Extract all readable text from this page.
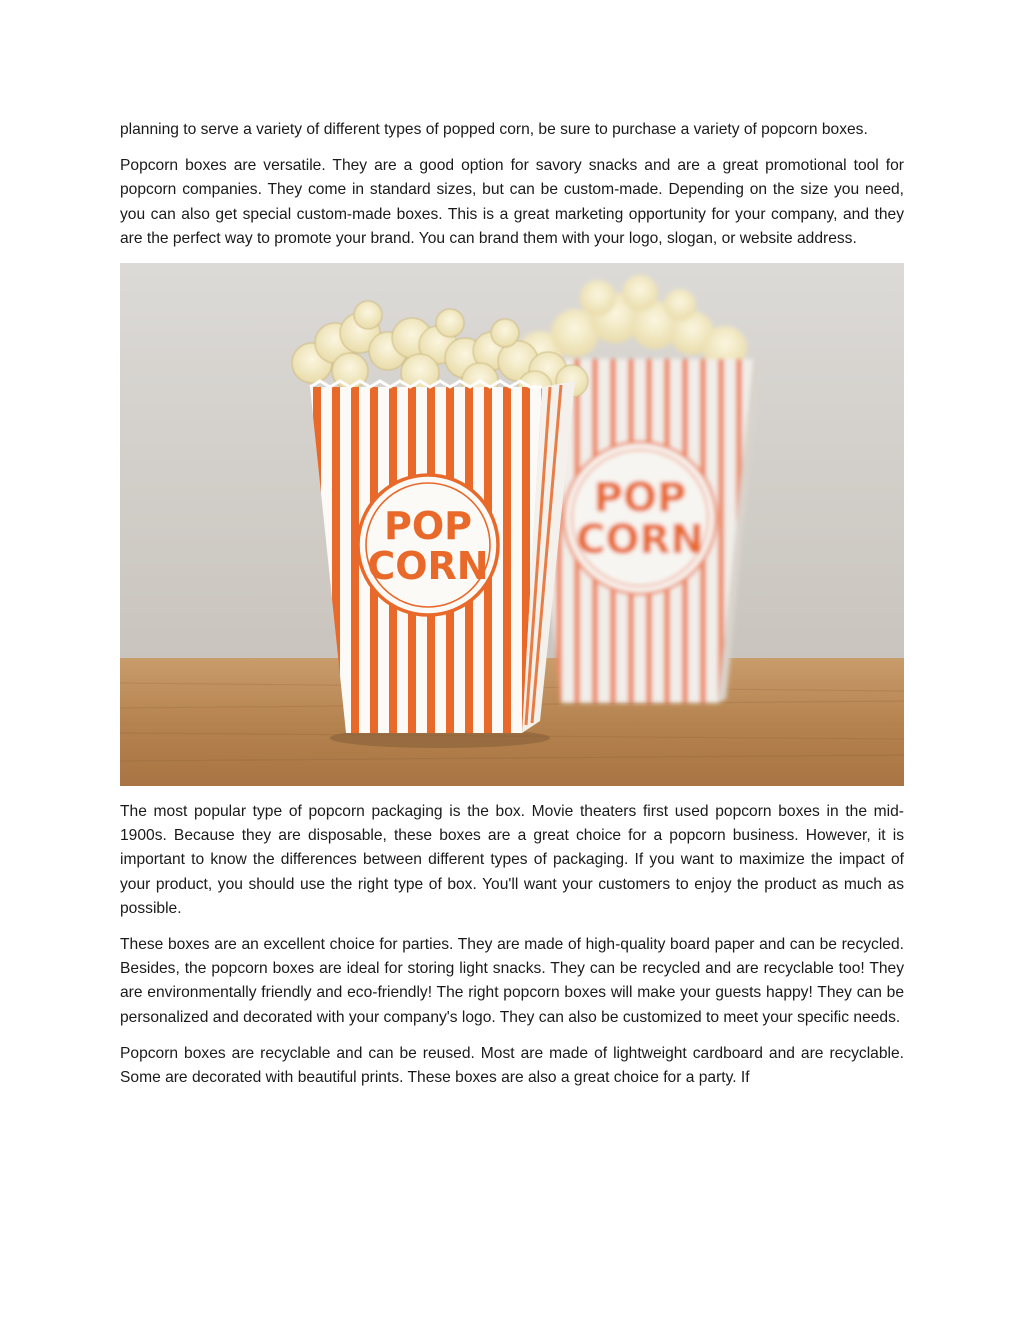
planning to serve a variety of different types of popped corn, be sure to purchase a variety of popcorn boxes.

Popcorn boxes are versatile. They are a good option for savory snacks and are a great promotional tool for popcorn companies. They come in standard sizes, but can be custom-made. Depending on the size you need, you can also get special custom-made boxes. This is a great marketing opportunity for your company, and they are the perfect way to promote your brand. You can brand them with your logo, slogan, or website address.

POP
CORN
POP
CORN

The most popular type of popcorn packaging is the box. Movie theaters first used popcorn boxes in the mid-1900s. Because they are disposable, these boxes are a great choice for a popcorn business. However, it is important to know the differences between different types of packaging. If you want to maximize the impact of your product, you should use the right type of box. You'll want your customers to enjoy the product as much as possible.

These boxes are an excellent choice for parties. They are made of high-quality board paper and can be recycled. Besides, the popcorn boxes are ideal for storing light snacks. They can be recycled and are recyclable too! They are environmentally friendly and eco-friendly! The right popcorn boxes will make your guests happy! They can be personalized and decorated with your company's logo. They can also be customized to meet your specific needs.

Popcorn boxes are recyclable and can be reused. Most are made of lightweight cardboard and are recyclable. Some are decorated with beautiful prints. These boxes are also a great choice for a party. If
